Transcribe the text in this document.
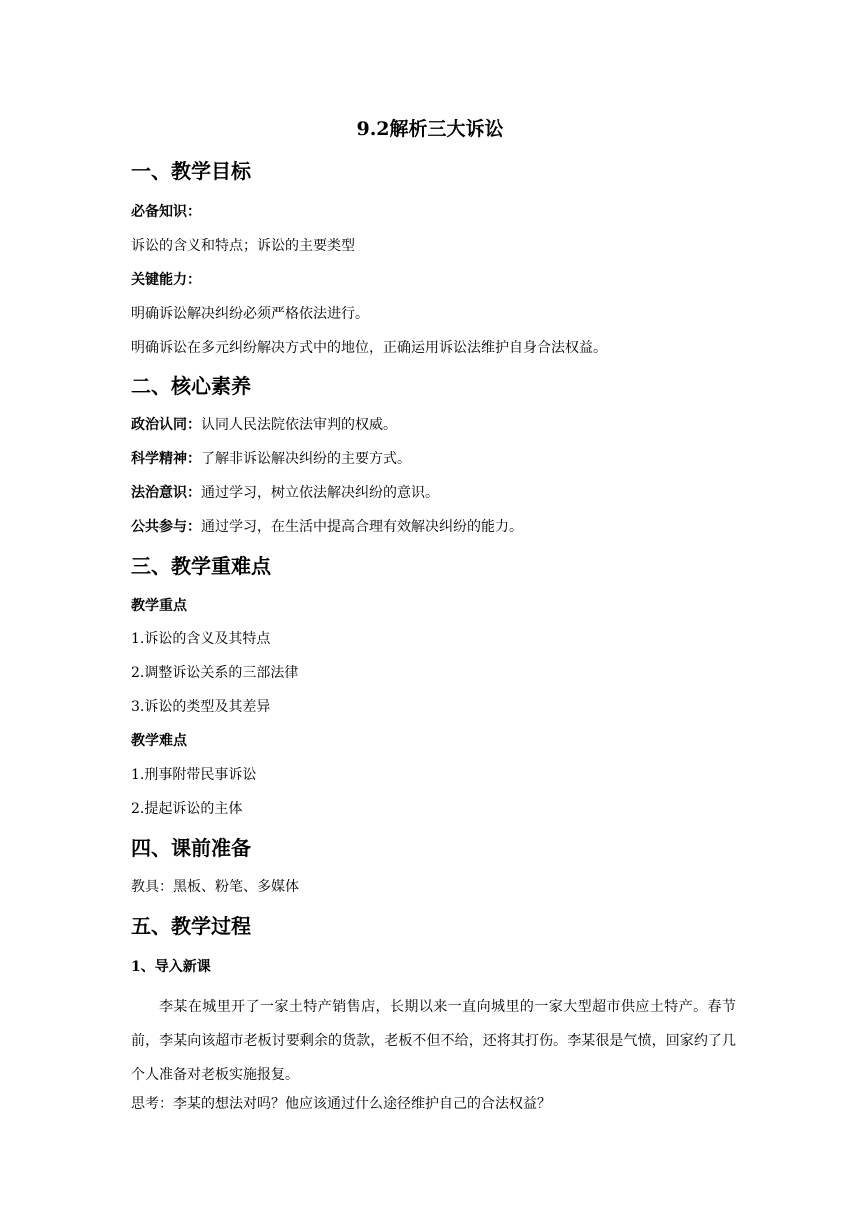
9.2解析三大诉讼

一、教学目标

必备知识：

诉讼的含义和特点；诉讼的主要类型

关键能力：

明确诉讼解决纠纷必须严格依法进行。

明确诉讼在多元纠纷解决方式中的地位，正确运用诉讼法维护自身合法权益。

二、核心素养

政治认同：认同人民法院依法审判的权威。

科学精神：了解非诉讼解决纠纷的主要方式。

法治意识：通过学习，树立依法解决纠纷的意识。

公共参与：通过学习，在生活中提高合理有效解决纠纷的能力。

三、教学重难点

教学重点

1.诉讼的含义及其特点

2.调整诉讼关系的三部法律

3.诉讼的类型及其差异

教学难点

1.刑事附带民事诉讼

2.提起诉讼的主体

四、课前准备

教具：黑板、粉笔、多媒体

五、教学过程

1、导入新课

李某在城里开了一家土特产销售店，长期以来一直向城里的一家大型超市供应土特产。春节前，李某向该超市老板讨要剩余的货款，老板不但不给，还将其打伤。李某很是气愤，回家约了几个人准备对老板实施报复。

思考：李某的想法对吗？他应该通过什么途径维护自己的合法权益？
